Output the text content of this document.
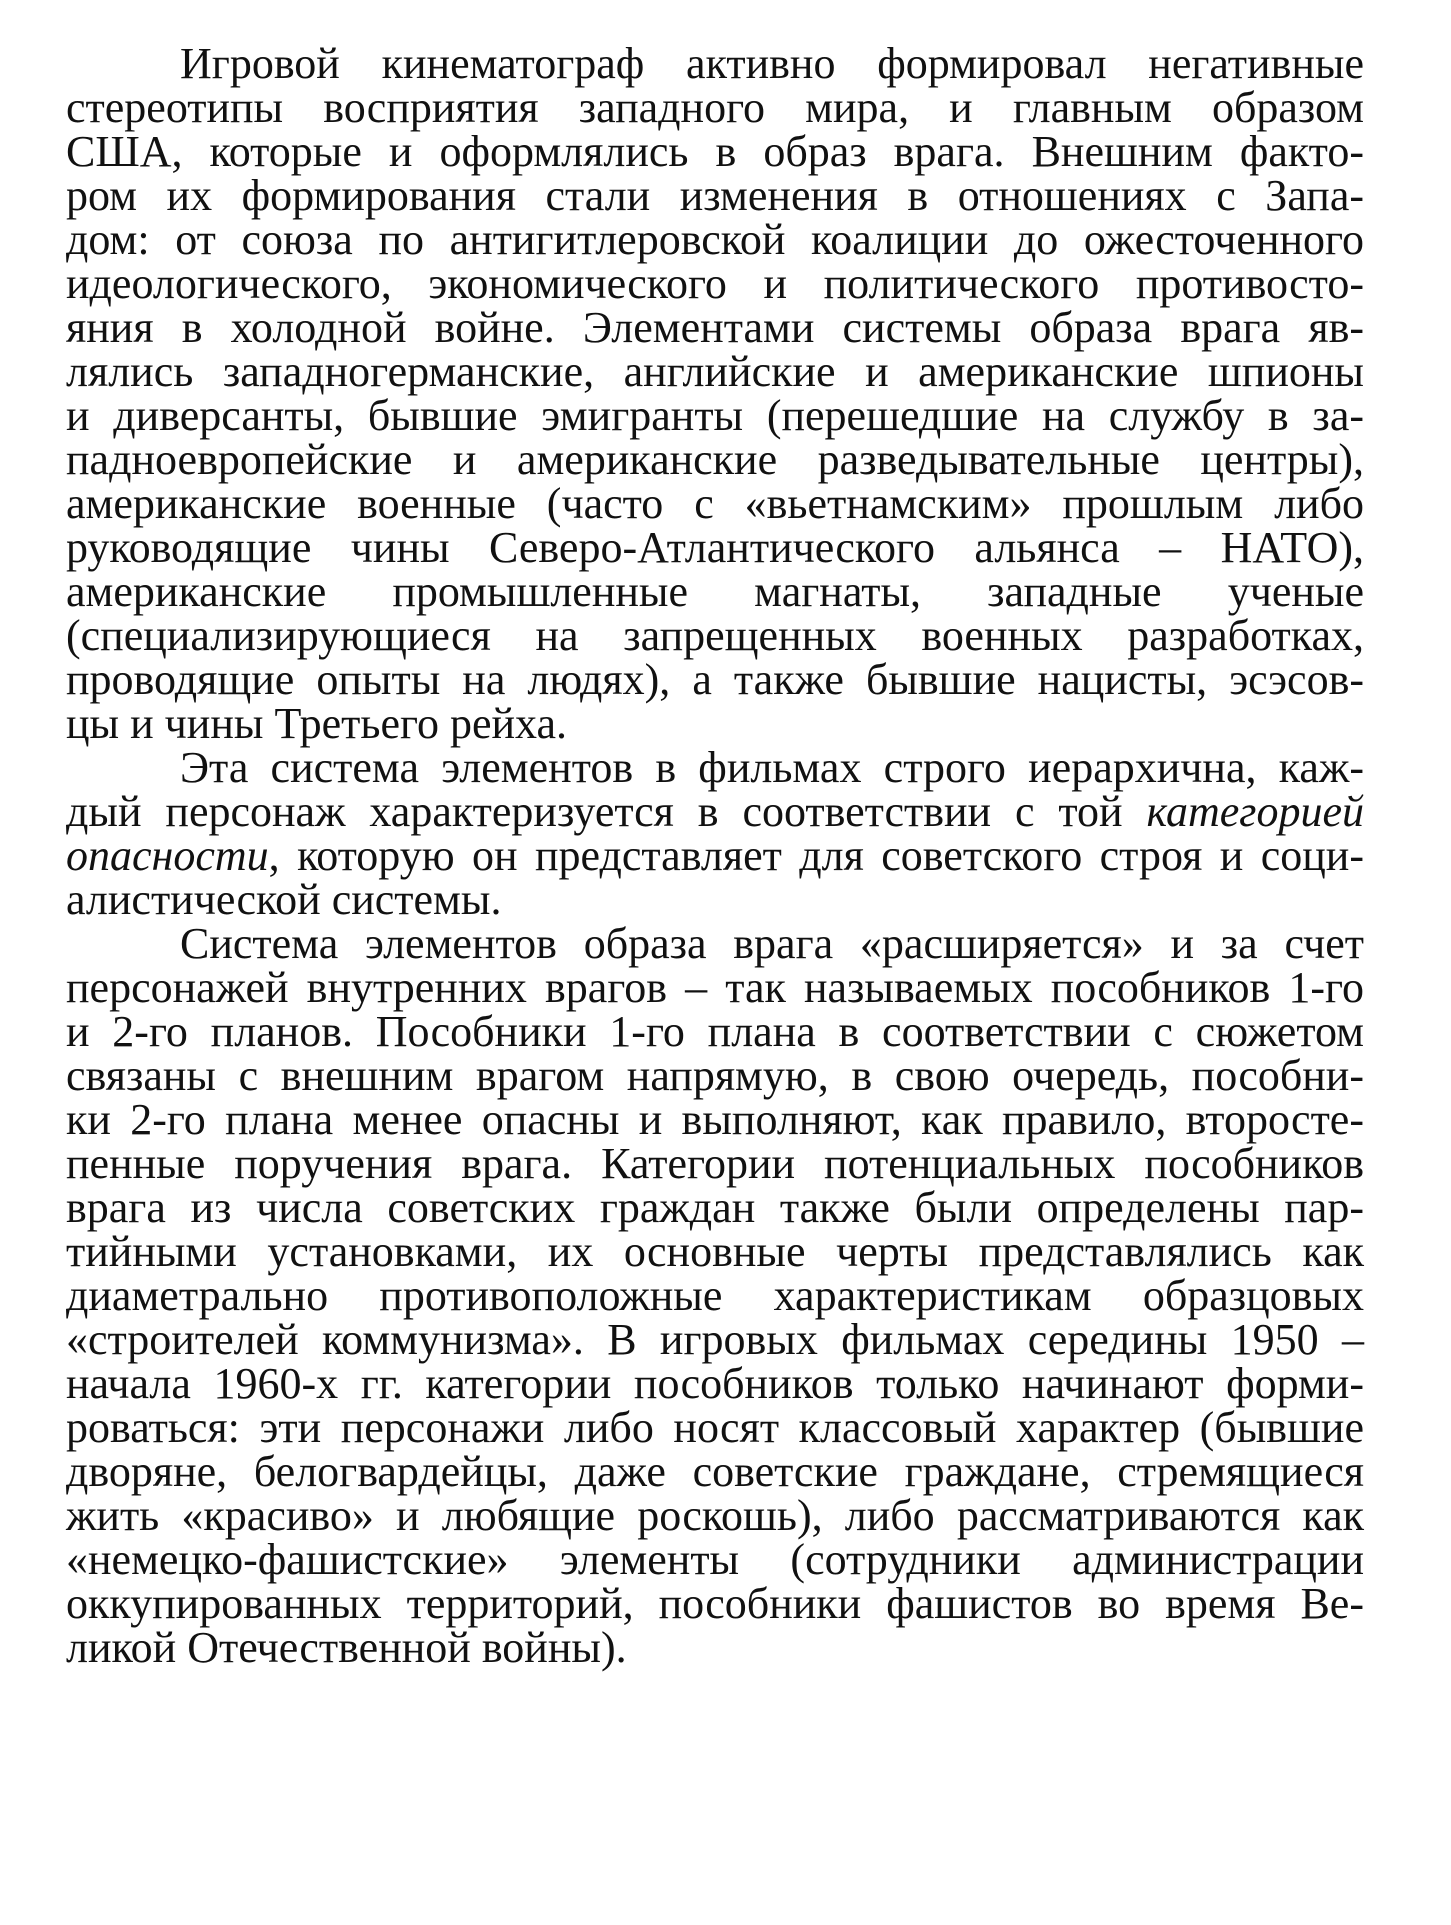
Игровой кинематограф активно формировал негативные
стереотипы восприятия западного мира, и главным образом
США, которые и оформлялись в образ врага. Внешним факто-
ром их формирования стали изменения в отношениях с Запа-
дом: от союза по антигитлеровской коалиции до ожесточенного
идеологического, экономического и политического противосто-
яния в холодной войне. Элементами системы образа врага яв-
лялись западногерманские, английские и американские шпионы
и диверсанты, бывшие эмигранты (перешедшие на службу в за-
падноевропейские и американские разведывательные центры),
американские военные (часто с «вьетнамским» прошлым либо
руководящие чины Северо-Атлантического альянса – НАТО),
американские промышленные магнаты, западные ученые
(специализирующиеся на запрещенных военных разработках,
проводящие опыты на людях), а также бывшие нацисты, эсэсов-
цы и чины Третьего рейха.
Эта система элементов в фильмах строго иерархична, каж-
дый персонаж характеризуется в соответствии с той категорией
опасности, которую он представляет для советского строя и соци-
алистической системы.
Система элементов образа врага «расширяется» и за счет
персонажей внутренних врагов – так называемых пособников 1-го
и 2-го планов. Пособники 1-го плана в соответствии с сюжетом
связаны с внешним врагом напрямую, в свою очередь, пособни-
ки 2-го плана менее опасны и выполняют, как правило, второсте-
пенные поручения врага. Категории потенциальных пособников
врага из числа советских граждан также были определены пар-
тийными установками, их основные черты представлялись как
диаметрально противоположные характеристикам образцовых
«строителей коммунизма». В игровых фильмах середины 1950 –
начала 1960-х гг. категории пособников только начинают форми-
роваться: эти персонажи либо носят классовый характер (бывшие
дворяне, белогвардейцы, даже советские граждане, стремящиеся
жить «красиво» и любящие роскошь), либо рассматриваются как
«немецко-фашистские» элементы (сотрудники администрации
оккупированных территорий, пособники фашистов во время Ве-
ликой Отечественной войны).
